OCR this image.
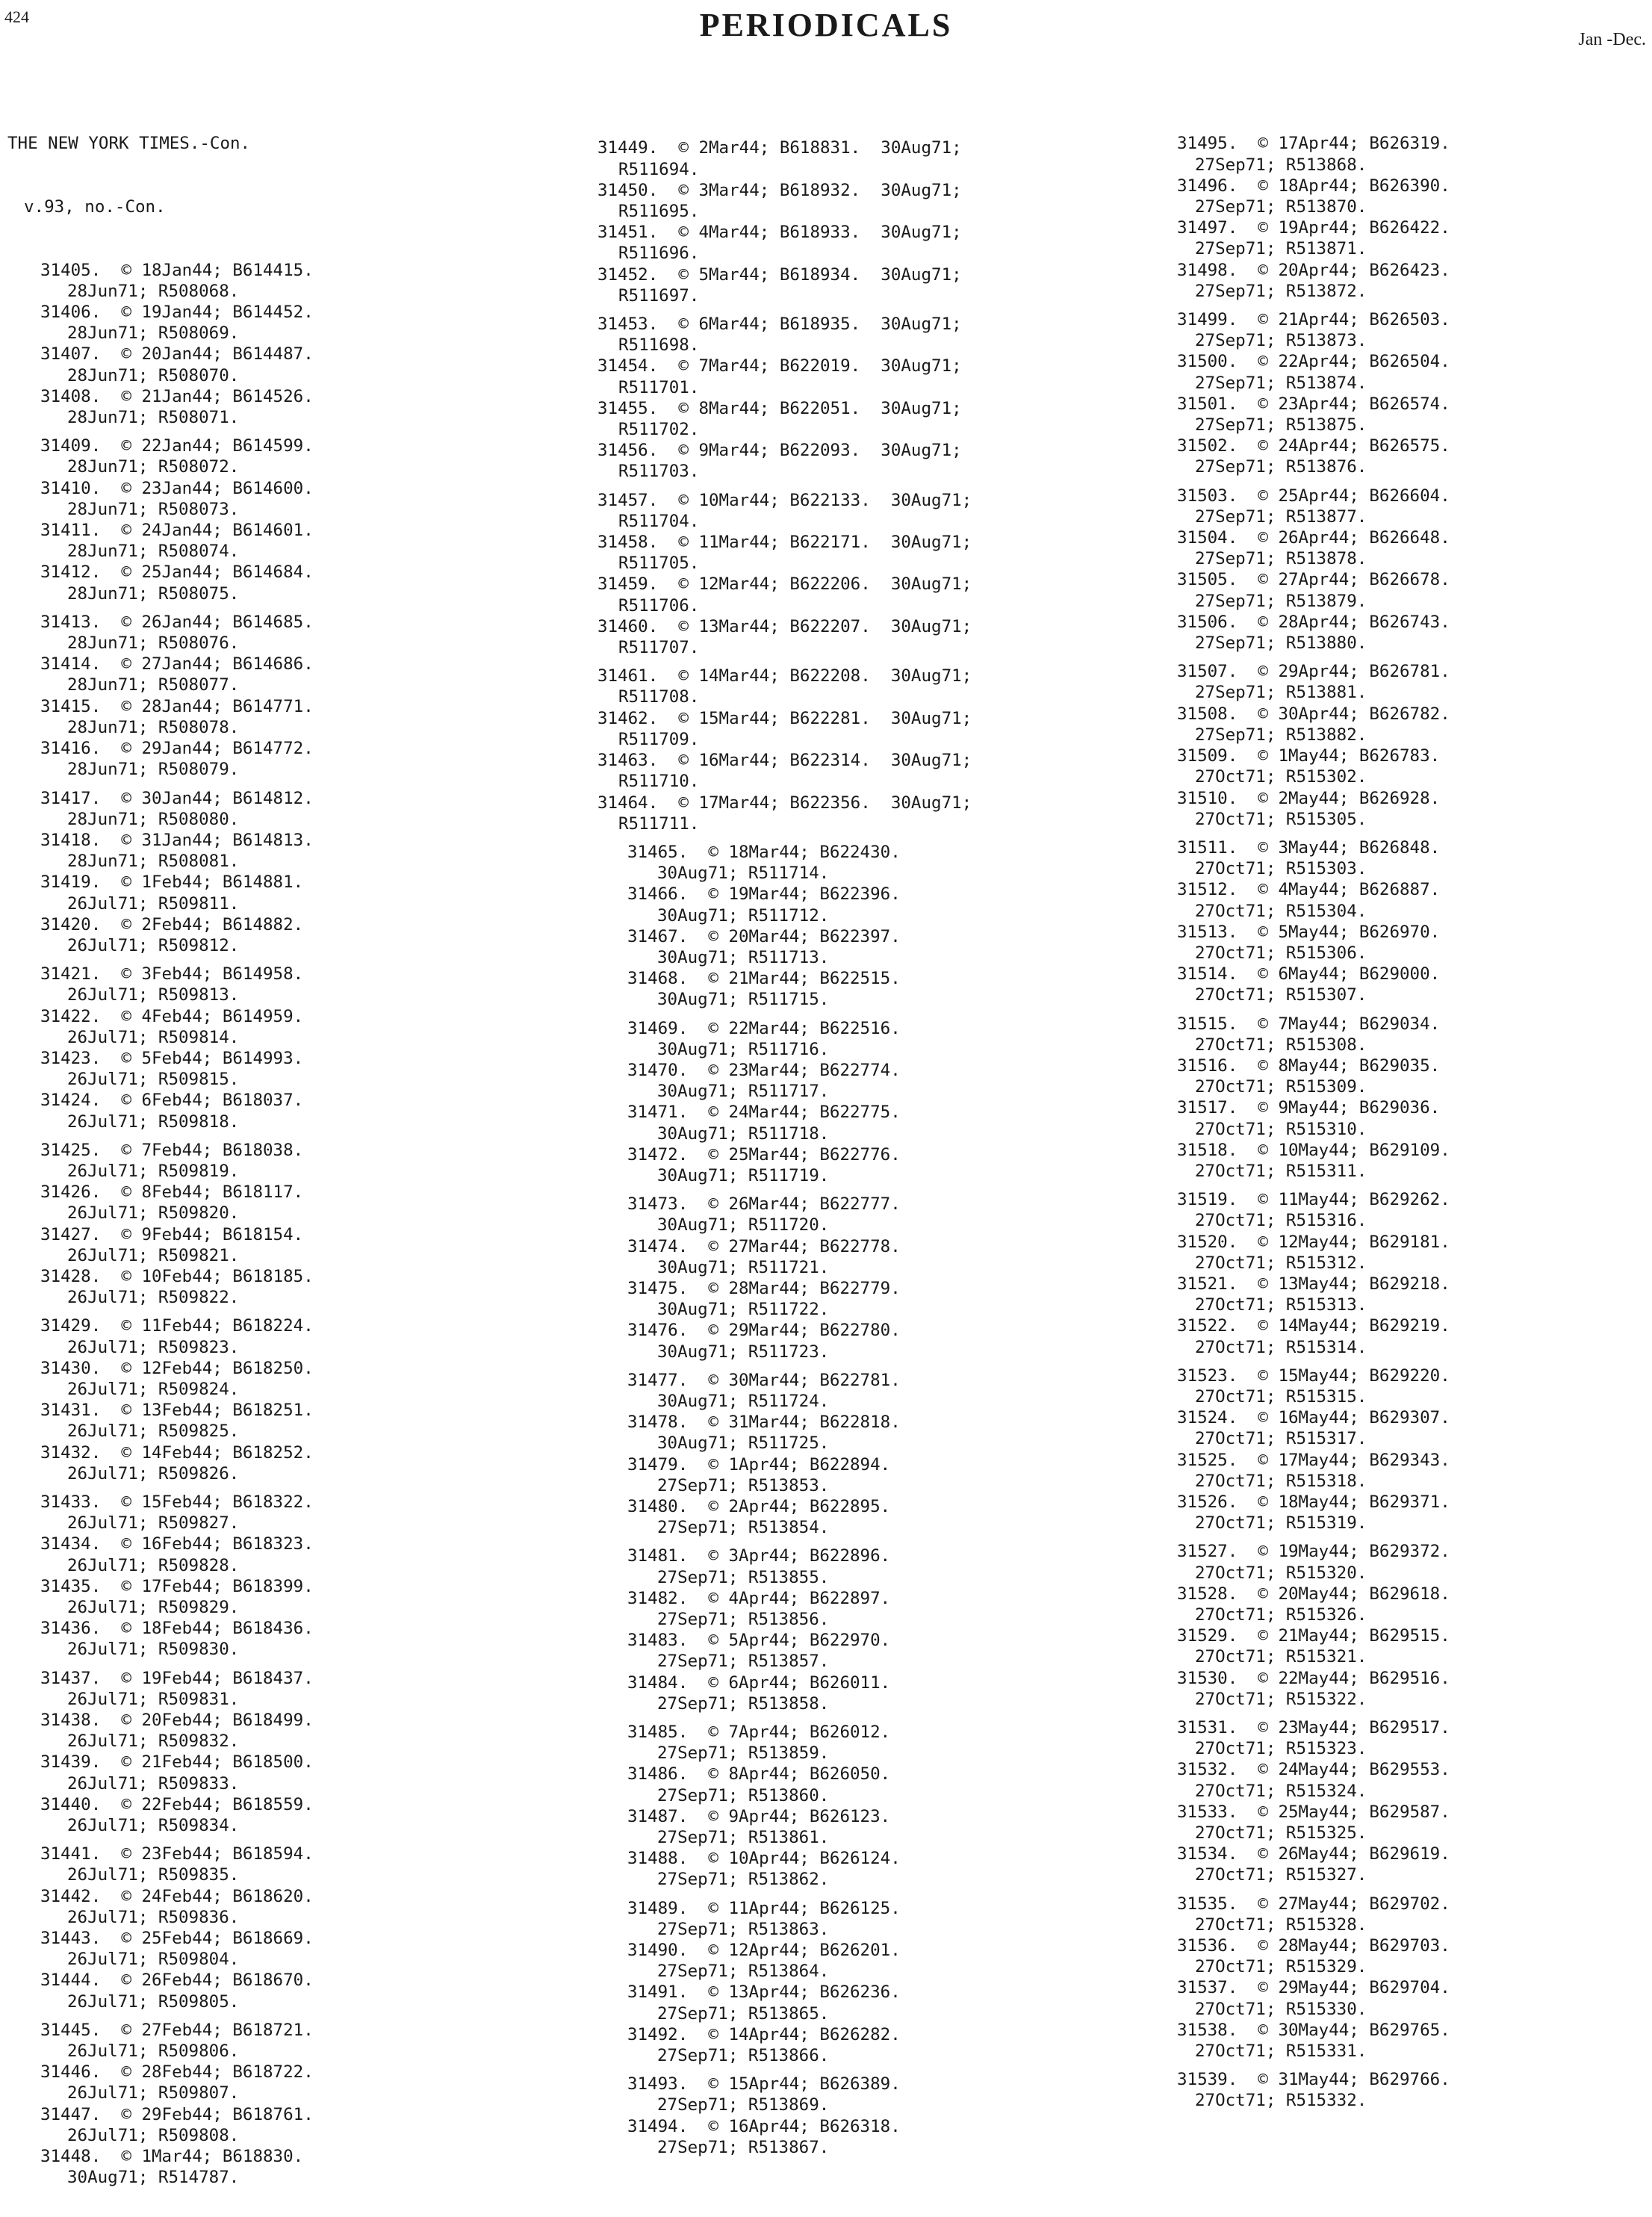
424	PERIODICALS	Jan -Dec.

THE NEW YORK TIMES.-Con.

v.93, no.-Con.

31405.  © 18Jan44; B614415.
28Jun71; R508068.
31406.  © 19Jan44; B614452.
28Jun71; R508069.
31407.  © 20Jan44; B614487.
28Jun71; R508070.
31408.  © 21Jan44; B614526.
28Jun71; R508071.
31409.  © 22Jan44; B614599.
28Jun71; R508072.
31410.  © 23Jan44; B614600.
28Jun71; R508073.
31411.  © 24Jan44; B614601.
28Jun71; R508074.
31412.  © 25Jan44; B614684.
28Jun71; R508075.
31413.  © 26Jan44; B614685.
28Jun71; R508076.
31414.  © 27Jan44; B614686.
28Jun71; R508077.
31415.  © 28Jan44; B614771.
28Jun71; R508078.
31416.  © 29Jan44; B614772.
28Jun71; R508079.
31417.  © 30Jan44; B614812.
28Jun71; R508080.
31418.  © 31Jan44; B614813.
28Jun71; R508081.
31419.  © 1Feb44; B614881.
26Jul71; R509811.
31420.  © 2Feb44; B614882.
26Jul71; R509812.
31421.  © 3Feb44; B614958.
26Jul71; R509813.
31422.  © 4Feb44; B614959.
26Jul71; R509814.
31423.  © 5Feb44; B614993.
26Jul71; R509815.
31424.  © 6Feb44; B618037.
26Jul71; R509818.
31425.  © 7Feb44; B618038.
26Jul71; R509819.
31426.  © 8Feb44; B618117.
26Jul71; R509820.
31427.  © 9Feb44; B618154.
26Jul71; R509821.
31428.  © 10Feb44; B618185.
26Jul71; R509822.
31429.  © 11Feb44; B618224.
26Jul71; R509823.
31430.  © 12Feb44; B618250.
26Jul71; R509824.
31431.  © 13Feb44; B618251.
26Jul71; R509825.
31432.  © 14Feb44; B618252.
26Jul71; R509826.
31433.  © 15Feb44; B618322.
26Jul71; R509827.
31434.  © 16Feb44; B618323.
26Jul71; R509828.
31435.  © 17Feb44; B618399.
26Jul71; R509829.
31436.  © 18Feb44; B618436.
26Jul71; R509830.
31437.  © 19Feb44; B618437.
26Jul71; R509831.
31438.  © 20Feb44; B618499.
26Jul71; R509832.
31439.  © 21Feb44; B618500.
26Jul71; R509833.
31440.  © 22Feb44; B618559.
26Jul71; R509834.
31441.  © 23Feb44; B618594.
26Jul71; R509835.
31442.  © 24Feb44; B618620.
26Jul71; R509836.
31443.  © 25Feb44; B618669.
26Jul71; R509804.
31444.  © 26Feb44; B618670.
26Jul71; R509805.
31445.  © 27Feb44; B618721.
26Jul71; R509806.
31446.  © 28Feb44; B618722.
26Jul71; R509807.
31447.  © 29Feb44; B618761.
26Jul71; R509808.
31448.  © 1Mar44; B618830.
30Aug71; R514787.

31449.  © 2Mar44; B618831.  30Aug71;
R511694.
31450.  © 3Mar44; B618932.  30Aug71;
R511695.
31451.  © 4Mar44; B618933.  30Aug71;
R511696.
31452.  © 5Mar44; B618934.  30Aug71;
R511697.
31453.  © 6Mar44; B618935.  30Aug71;
R511698.
31454.  © 7Mar44; B622019.  30Aug71;
R511701.
31455.  © 8Mar44; B622051.  30Aug71;
R511702.
31456.  © 9Mar44; B622093.  30Aug71;
R511703.
31457.  © 10Mar44; B622133.  30Aug71;
R511704.
31458.  © 11Mar44; B622171.  30Aug71;
R511705.
31459.  © 12Mar44; B622206.  30Aug71;
R511706.
31460.  © 13Mar44; B622207.  30Aug71;
R511707.
31461.  © 14Mar44; B622208.  30Aug71;
R511708.
31462.  © 15Mar44; B622281.  30Aug71;
R511709.
31463.  © 16Mar44; B622314.  30Aug71;
R511710.
31464.  © 17Mar44; B622356.  30Aug71;
R511711.
31465.  © 18Mar44; B622430.
30Aug71; R511714.
31466.  © 19Mar44; B622396.
30Aug71; R511712.
31467.  © 20Mar44; B622397.
30Aug71; R511713.
31468.  © 21Mar44; B622515.
30Aug71; R511715.
31469.  © 22Mar44; B622516.
30Aug71; R511716.
31470.  © 23Mar44; B622774.
30Aug71; R511717.
31471.  © 24Mar44; B622775.
30Aug71; R511718.
31472.  © 25Mar44; B622776.
30Aug71; R511719.
31473.  © 26Mar44; B622777.
30Aug71; R511720.
31474.  © 27Mar44; B622778.
30Aug71; R511721.
31475.  © 28Mar44; B622779.
30Aug71; R511722.
31476.  © 29Mar44; B622780.
30Aug71; R511723.
31477.  © 30Mar44; B622781.
30Aug71; R511724.
31478.  © 31Mar44; B622818.
30Aug71; R511725.
31479.  © 1Apr44; B622894.
27Sep71; R513853.
31480.  © 2Apr44; B622895.
27Sep71; R513854.
31481.  © 3Apr44; B622896.
27Sep71; R513855.
31482.  © 4Apr44; B622897.
27Sep71; R513856.
31483.  © 5Apr44; B622970.
27Sep71; R513857.
31484.  © 6Apr44; B626011.
27Sep71; R513858.
31485.  © 7Apr44; B626012.
27Sep71; R513859.
31486.  © 8Apr44; B626050.
27Sep71; R513860.
31487.  © 9Apr44; B626123.
27Sep71; R513861.
31488.  © 10Apr44; B626124.
27Sep71; R513862.
31489.  © 11Apr44; B626125.
27Sep71; R513863.
31490.  © 12Apr44; B626201.
27Sep71; R513864.
31491.  © 13Apr44; B626236.
27Sep71; R513865.
31492.  © 14Apr44; B626282.
27Sep71; R513866.
31493.  © 15Apr44; B626389.
27Sep71; R513869.
31494.  © 16Apr44; B626318.
27Sep71; R513867.

31495.  © 17Apr44; B626319.
27Sep71; R513868.
31496.  © 18Apr44; B626390.
27Sep71; R513870.
31497.  © 19Apr44; B626422.
27Sep71; R513871.
31498.  © 20Apr44; B626423.
27Sep71; R513872.
31499.  © 21Apr44; B626503.
27Sep71; R513873.
31500.  © 22Apr44; B626504.
27Sep71; R513874.
31501.  © 23Apr44; B626574.
27Sep71; R513875.
31502.  © 24Apr44; B626575.
27Sep71; R513876.
31503.  © 25Apr44; B626604.
27Sep71; R513877.
31504.  © 26Apr44; B626648.
27Sep71; R513878.
31505.  © 27Apr44; B626678.
27Sep71; R513879.
31506.  © 28Apr44; B626743.
27Sep71; R513880.
31507.  © 29Apr44; B626781.
27Sep71; R513881.
31508.  © 30Apr44; B626782.
27Sep71; R513882.
31509.  © 1May44; B626783.
27Oct71; R515302.
31510.  © 2May44; B626928.
27Oct71; R515305.
31511.  © 3May44; B626848.
27Oct71; R515303.
31512.  © 4May44; B626887.
27Oct71; R515304.
31513.  © 5May44; B626970.
27Oct71; R515306.
31514.  © 6May44; B629000.
27Oct71; R515307.
31515.  © 7May44; B629034.
27Oct71; R515308.
31516.  © 8May44; B629035.
27Oct71; R515309.
31517.  © 9May44; B629036.
27Oct71; R515310.
31518.  © 10May44; B629109.
27Oct71; R515311.
31519.  © 11May44; B629262.
27Oct71; R515316.
31520.  © 12May44; B629181.
27Oct71; R515312.
31521.  © 13May44; B629218.
27Oct71; R515313.
31522.  © 14May44; B629219.
27Oct71; R515314.
31523.  © 15May44; B629220.
27Oct71; R515315.
31524.  © 16May44; B629307.
27Oct71; R515317.
31525.  © 17May44; B629343.
27Oct71; R515318.
31526.  © 18May44; B629371.
27Oct71; R515319.
31527.  © 19May44; B629372.
27Oct71; R515320.
31528.  © 20May44; B629618.
27Oct71; R515326.
31529.  © 21May44; B629515.
27Oct71; R515321.
31530.  © 22May44; B629516.
27Oct71; R515322.
31531.  © 23May44; B629517.
27Oct71; R515323.
31532.  © 24May44; B629553.
27Oct71; R515324.
31533.  © 25May44; B629587.
27Oct71; R515325.
31534.  © 26May44; B629619.
27Oct71; R515327.
31535.  © 27May44; B629702.
27Oct71; R515328.
31536.  © 28May44; B629703.
27Oct71; R515329.
31537.  © 29May44; B629704.
27Oct71; R515330.
31538.  © 30May44; B629765.
27Oct71; R515331.
31539.  © 31May44; B629766.
27Oct71; R515332.
